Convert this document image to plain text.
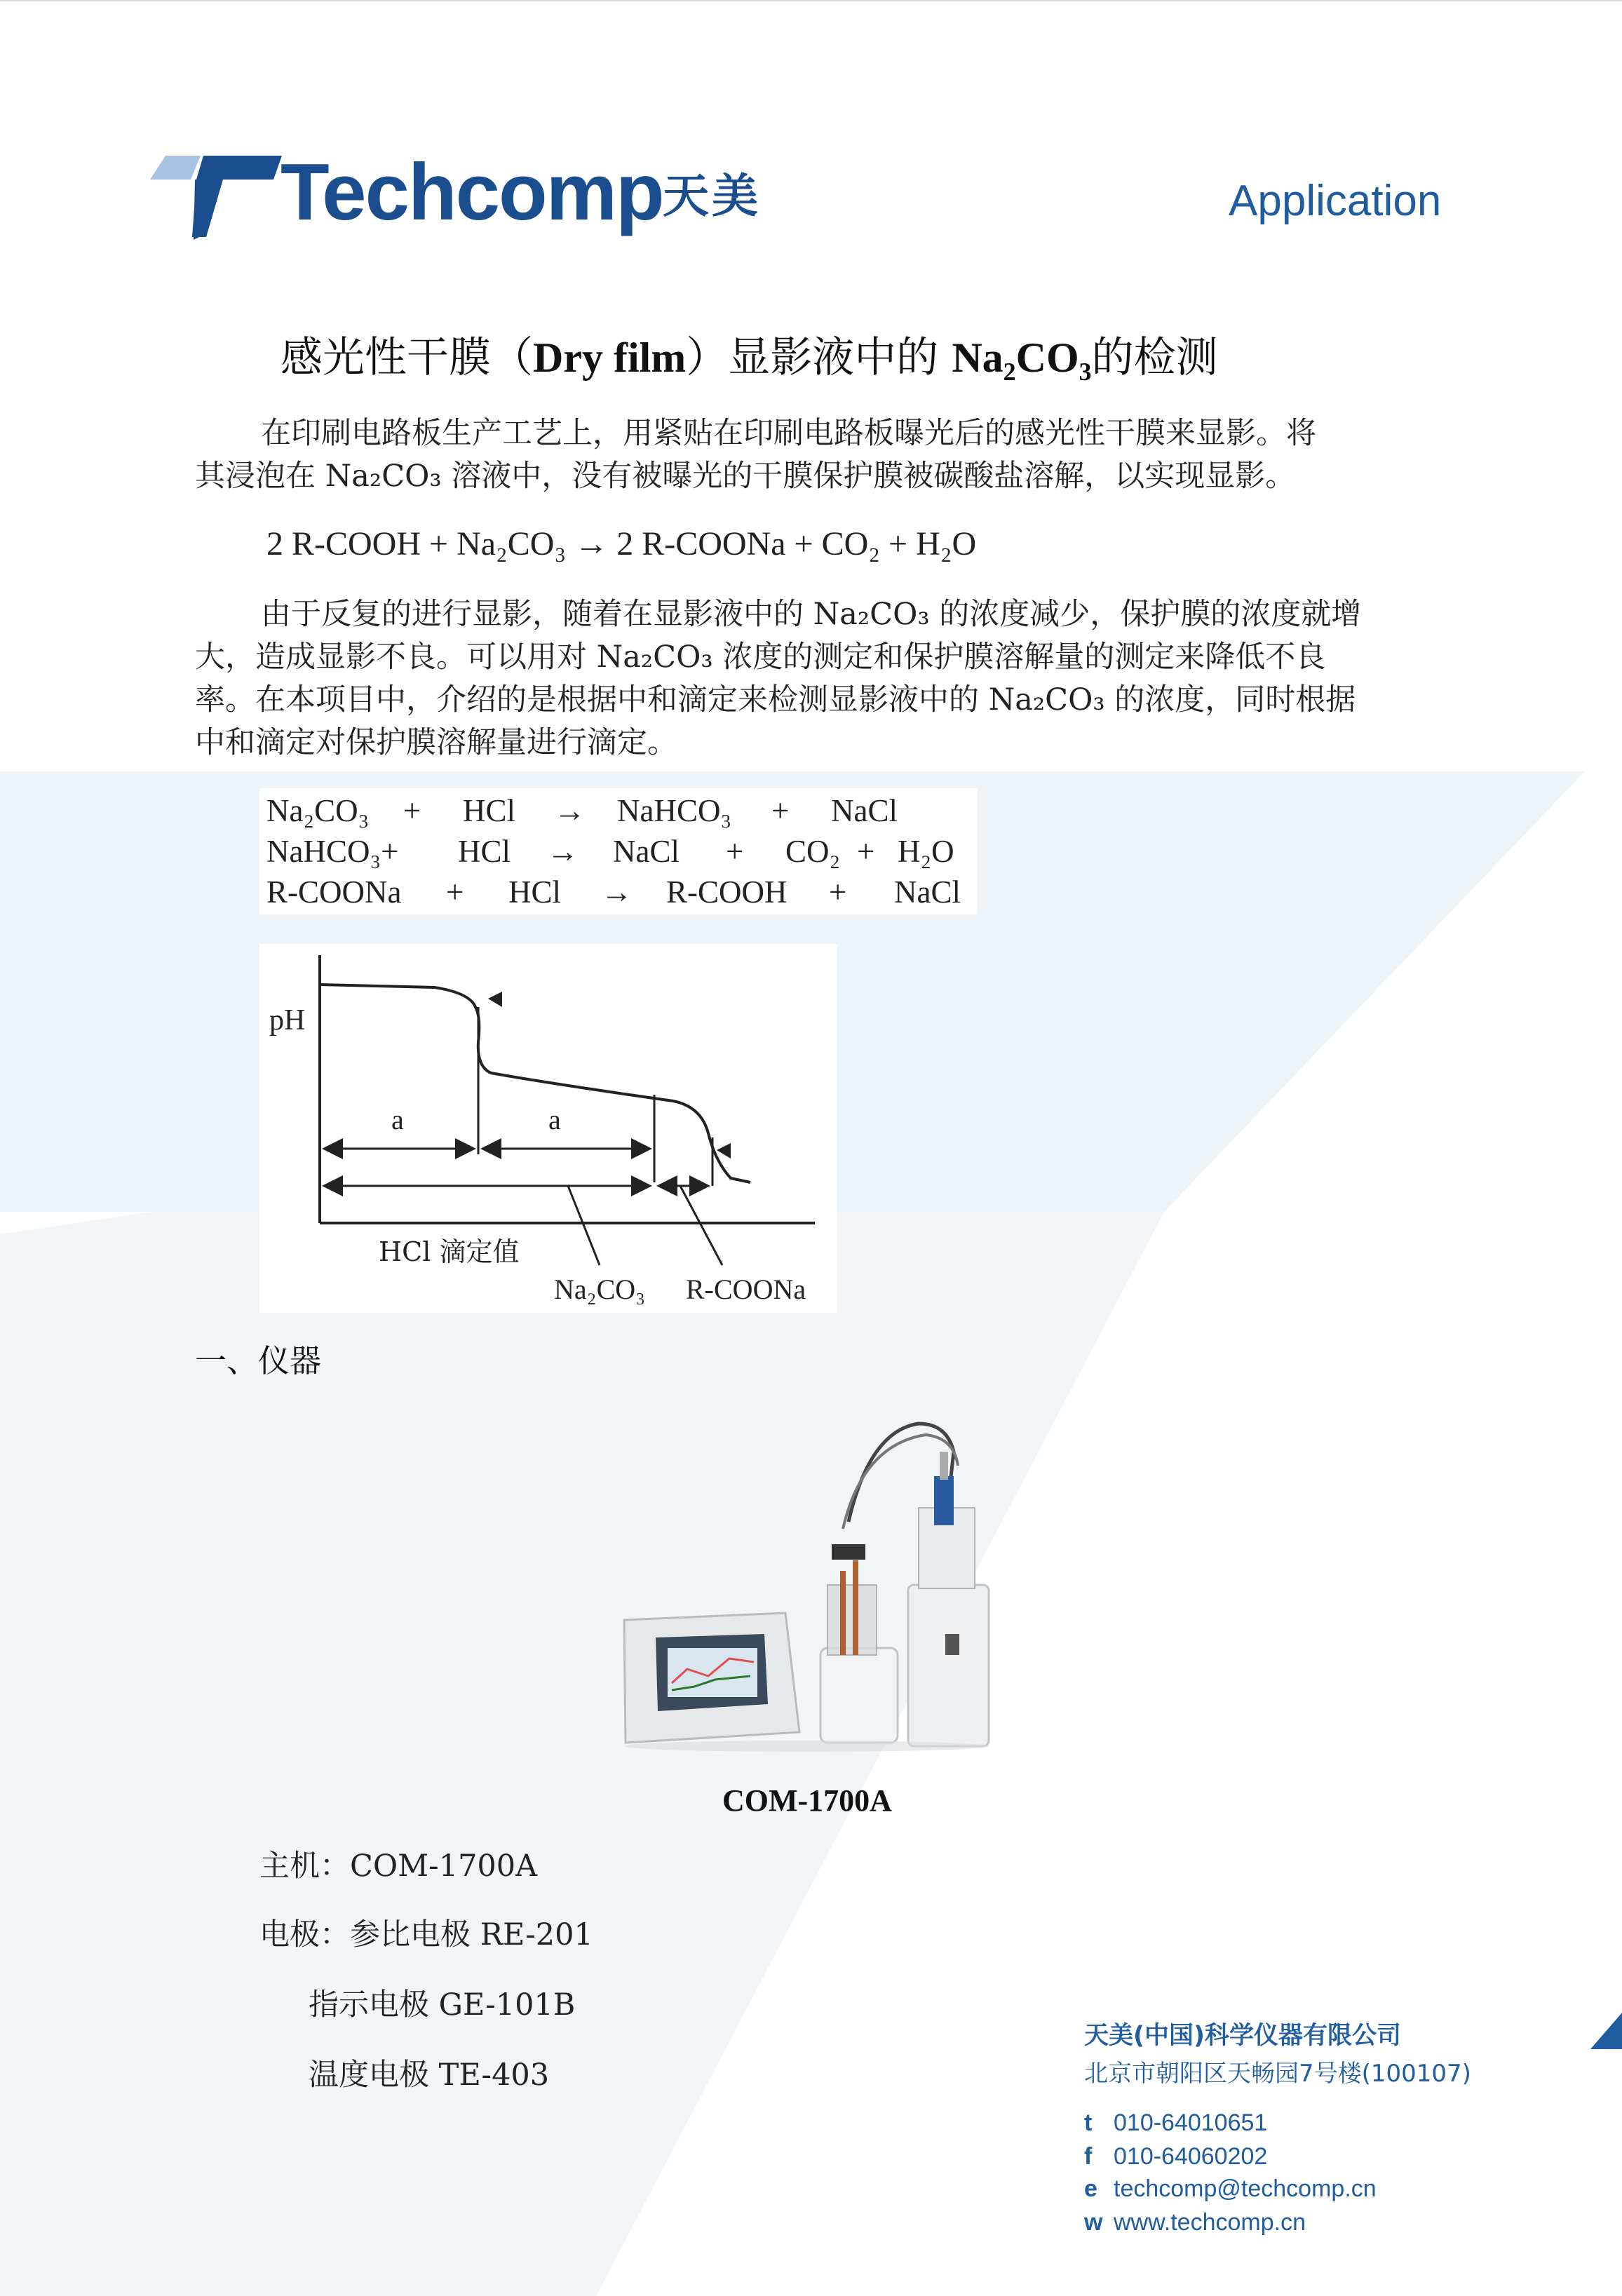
Techcomp 天美	Application
感光性干膜（Dry film）显影液中的 Na₂CO₃的检测

在印刷电路板生产工艺上，用紧贴在印刷电路板曝光后的感光性干膜来显影。将

其浸泡在 Na₂CO₃ 溶液中，没有被曝光的干膜保护膜被碳酸盐溶解，以实现显影。

2 R-COOH + Na₂CO₃ → 2 R-COONa + CO₂ + H₂O

由于反复的进行显影，随着在显影液中的 Na₂CO₃ 的浓度减少，保护膜的浓度就增

大，造成显影不良。可以用对 Na₂CO₃ 浓度的测定和保护膜溶解量的测定来降低不良

率。在本项目中，介绍的是根据中和滴定来检测显影液中的 Na₂CO₃ 的浓度，同时根据

中和滴定对保护膜溶解量进行滴定。

Na₂CO₃ + HCl → NaHCO₃ + NaCl
NaHCO₃+ HCl → NaCl + CO₂ + H₂O
R-COONa + HCl → R-COOH + NaCl
pH
a	a
HCl 滴定值
Na₂CO₃ R-COONa
一、仪器
COM-1700A
主机：COM-1700A
电极：参比电极 RE-201
指示电极 GE-101B
温度电极 TE-403
天美(中国)科学仪器有限公司
北京市朝阳区天畅园7号楼(100107)
t 010-64010651
f 010-64060202
e techcomp@techcomp.cn
w www.techcomp.cn
